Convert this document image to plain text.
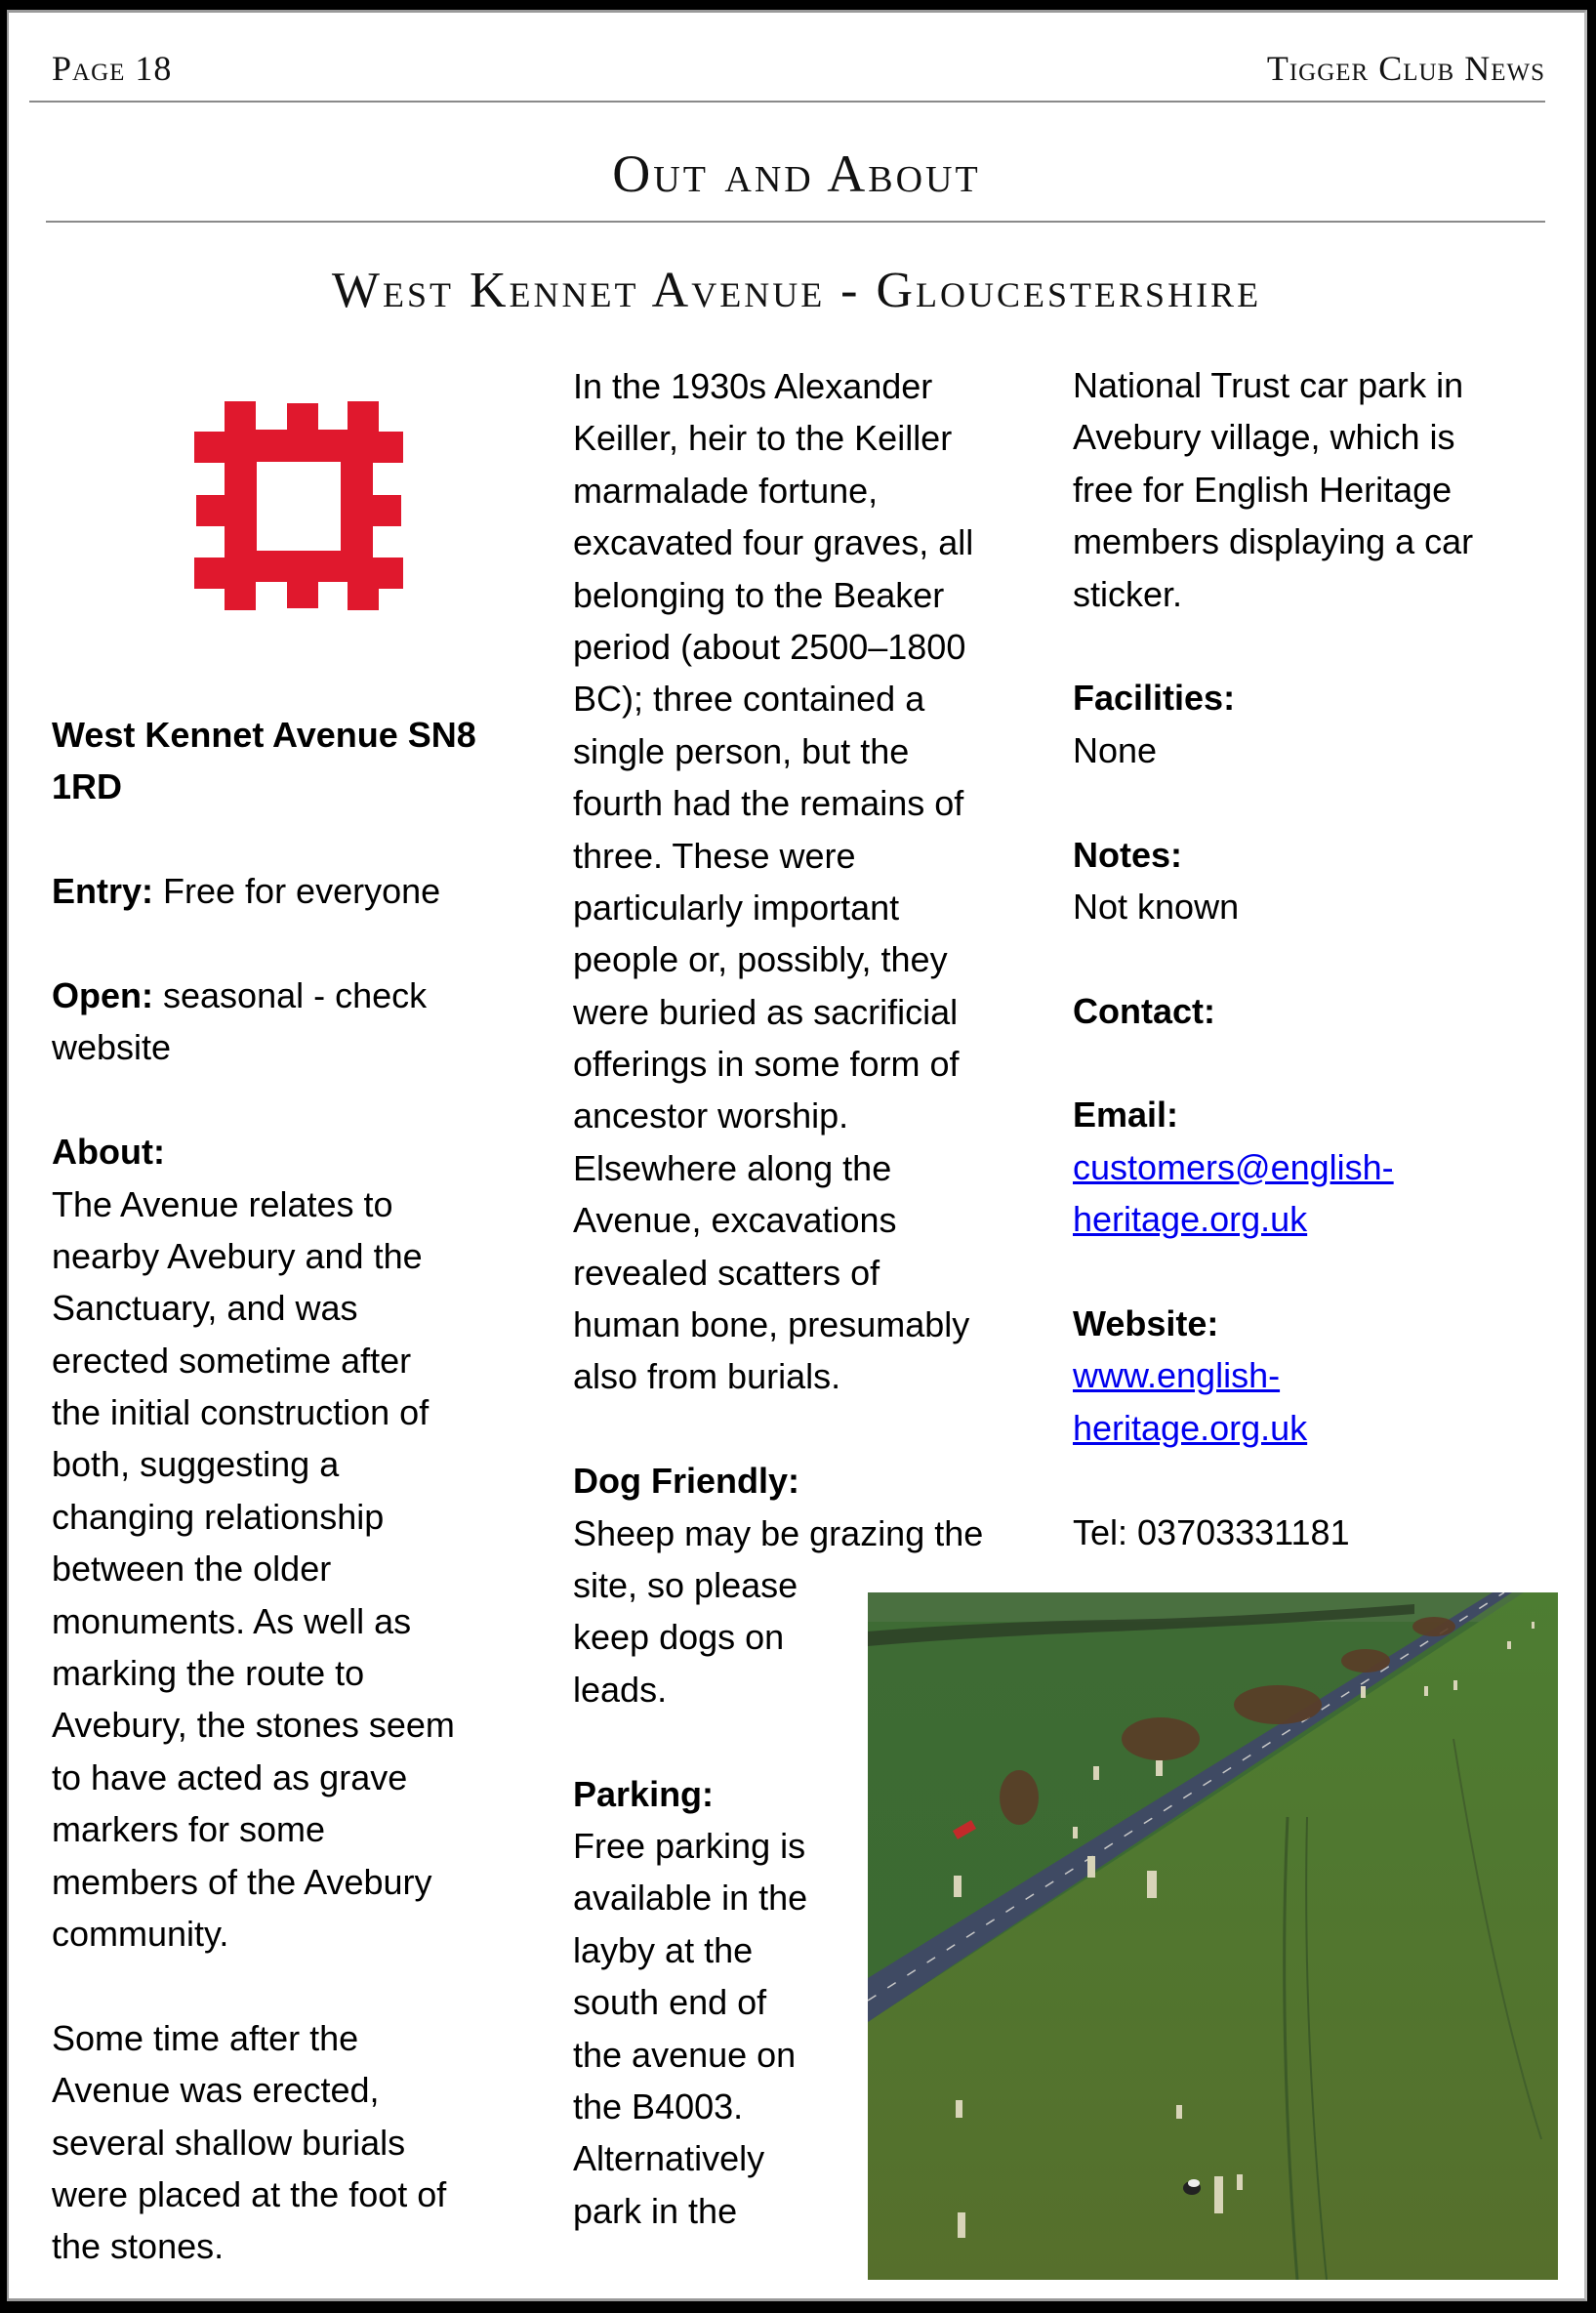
Page 18	Tigger Club News
Out and About
West Kennet Avenue - Gloucestershire
West Kennet Avenue SN8
1RD
Entry: Free for everyone
Open: seasonal - check
website
About:
The Avenue relates to
nearby Avebury and the
Sanctuary, and was
erected sometime after
the initial construction of
both, suggesting a
changing relationship
between the older
monuments. As well as
marking the route to
Avebury, the stones seem
to have acted as grave
markers for some
members of the Avebury
community.
Some time after the
Avenue was erected,
several shallow burials
were placed at the foot of
the stones.
In the 1930s Alexander
Keiller, heir to the Keiller
marmalade fortune,
excavated four graves, all
belonging to the Beaker
period (about 2500–1800
BC); three contained a
single person, but the
fourth had the remains of
three. These were
particularly important
people or, possibly, they
were buried as sacrificial
offerings in some form of
ancestor worship.
Elsewhere along the
Avenue, excavations
revealed scatters of
human bone, presumably
also from burials.
Dog Friendly:
Sheep may be grazing the
site, so please
keep dogs on
leads.
Parking:
Free parking is
available in the
layby at the
south end of
the avenue on
the B4003.
Alternatively
park in the
National Trust car park in
Avebury village, which is
free for English Heritage
members displaying a car
sticker.
Facilities:
None
Notes:
Not known
Contact:
Email:
customers@english-
heritage.org.uk
Website:
www.english-
heritage.org.uk
Tel: 03703331181
